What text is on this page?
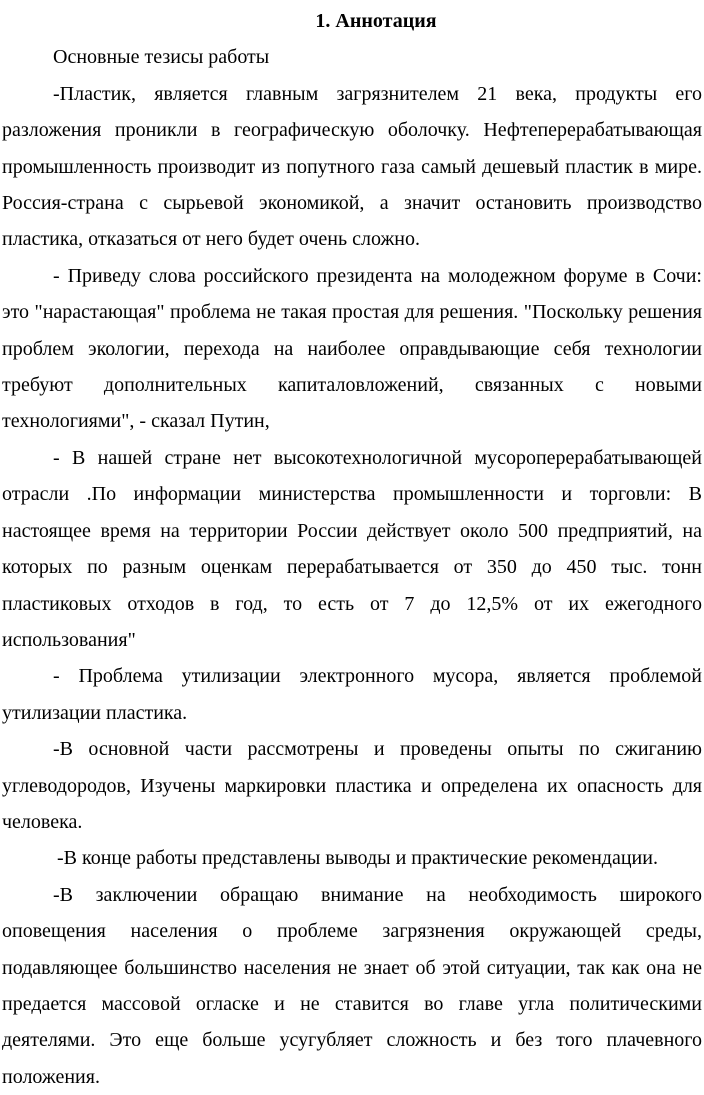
1. Аннотация

Основные тезисы работы

-Пластик, является главным загрязнителем 21 века, продукты его разложения проникли в географическую оболочку. Нефтеперерабатывающая промышленность производит из попутного газа самый дешевый пластик в мире. Россия-страна с сырьевой экономикой, а значит остановить производство пластика, отказаться от него будет очень сложно.

- Приведу слова российского президента на молодежном форуме в Сочи: это "нарастающая" проблема не такая простая для решения. "Поскольку решения проблем экологии, перехода на наиболее оправдывающие себя технологии требуют дополнительных капиталовложений, связанных с новыми технологиями", - сказал Путин,

- В нашей стране нет высокотехнологичной мусороперерабатывающей отрасли .По информации министерства промышленности и торговли: В настоящее время на территории России действует около 500 предприятий, на которых по разным оценкам перерабатывается от 350 до 450 тыс. тонн пластиковых отходов в год, то есть от 7 до 12,5% от их ежегодного использования"

- Проблема утилизации электронного мусора, является проблемой утилизации пластика.

-В основной части рассмотрены и проведены опыты по сжиганию углеводородов, Изучены маркировки пластика и определена их опасность для человека.

-В конце работы представлены выводы и практические рекомендации.

-В заключении обращаю внимание на необходимость широкого оповещения населения о проблеме загрязнения окружающей среды, подавляющее большинство населения не знает об этой ситуации, так как она не предается массовой огласке и не ставится во главе угла политическими деятелями. Это еще больше усугубляет сложность и без того плачевного положения.
